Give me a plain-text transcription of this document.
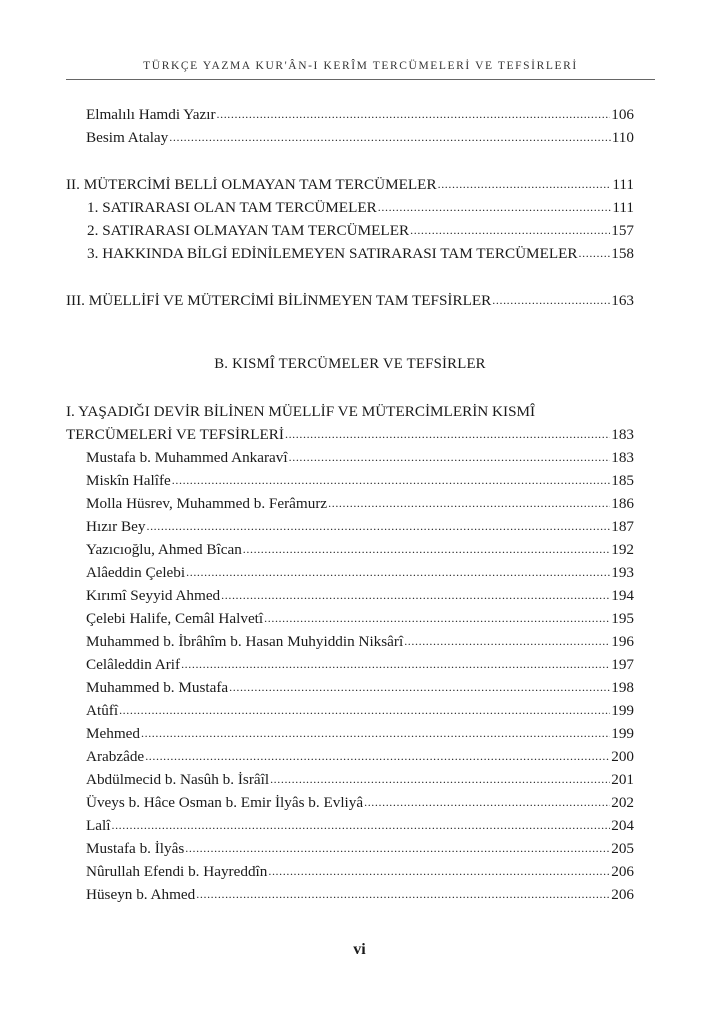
TÜRKÇE YAZMA KUR'ÂN-I KERÎM TERCÜMELERİ VE TEFSİRLERİ
Elmalılı Hamdi Yazır .....	106
Besim Atalay .....	110
II. MÜTERCİMİ BELLİ OLMAYAN TAM TERCÜMELER .....	111
1. SATIRARASI OLAN TAM TERCÜMELER .....	111
2. SATIRARASI OLMAYAN TAM TERCÜMELER .....	157
3. HAKKINDA BİLGİ EDİNİLEMEYEN SATIRARASI TAM TERCÜMELER ..... 158
III. MÜELLİFİ VE MÜTERCİMİ BİLİNMEYEN TAM TEFSİRLER .....	163
B. KISMÎ TERCÜMELER VE TEFSİRLER
I. YAŞADIĞI DEVİR BİLİNEN MÜELLİF VE MÜTERCİMLERİN KISMÎ
TERCÜMELERİ VE TEFSİRLERİ .....	183
Mustafa b. Muhammed Ankaravî .....	183
Miskîn Halîfe .....	185
Molla Hüsrev, Muhammed b. Ferâmurz .....	186
Hızır Bey .....	187
Yazıcıoğlu, Ahmed Bîcan .....	192
Alâeddin Çelebi .....	193
Kırımî Seyyid Ahmed .....	194
Çelebi Halife, Cemâl Halvetî .....	195
Muhammed b. İbrâhîm b. Hasan Muhyiddin Niksârî .....	196
Celâleddin Arif .....	197
Muhammed b. Mustafa .....	198
Atûfî .....	199
Mehmed .....	199
Arabzâde .....	200
Abdülmecid b. Nasûh b. İsrâîl .....	201
Üveys b. Hâce Osman b. Emir İlyâs b. Evliyâ .....	202
Lalî .....	204
Mustafa b. İlyâs .....	205
Nûrullah Efendi b. Hayreddîn .....	206
Hüseyn b. Ahmed .....	206
vi
